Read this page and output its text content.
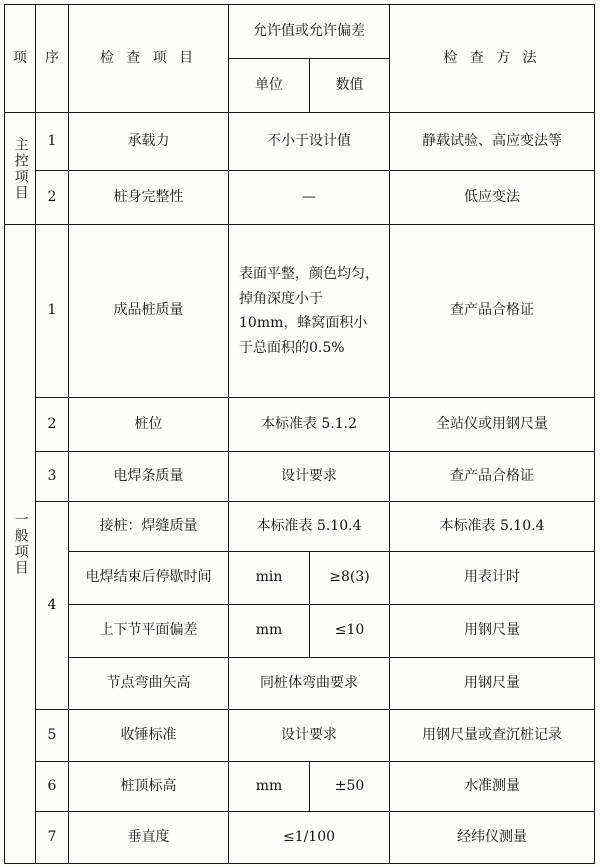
项	序	检 查 项 目	允许值或允许偏差		检 查 方 法
			单位	数值	

主控项目	1	承载力	不小于设计值		静载试验、高应变法等
	2	桩身完整性	—		低应变法

一般项目	1	成品桩质量	表面平整，颜色均匀，掉角深度小于10mm，蜂窝面积小于总面积的0.5%		查产品合格证
	2	桩位	本标准表 5.1.2		全站仪或用钢尺量
	3	电焊条质量	设计要求		查产品合格证
	4	接桩：焊缝质量	本标准表 5.10.4		本标准表 5.10.4
		电焊结束后停歇时间	min	≥8(3)	用表计时
		上下节平面偏差	mm	≤10	用钢尺量
		节点弯曲矢高	同桩体弯曲要求		用钢尺量
	5	收锤标准	设计要求		用钢尺量或查沉桩记录
	6	桩顶标高	mm	±50	水准测量
	7	垂直度	≤1/100		经纬仪测量
